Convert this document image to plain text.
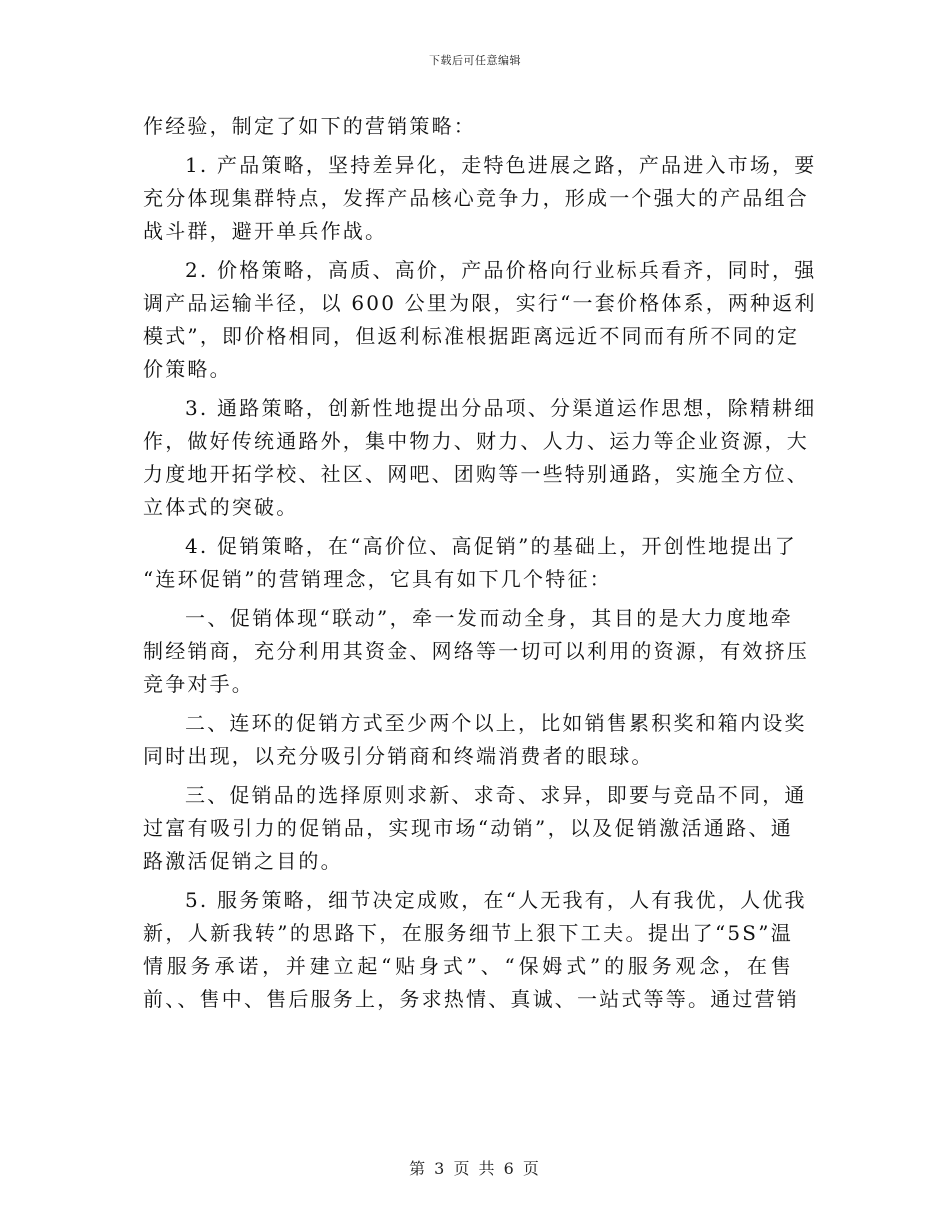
下载后可任意编辑
作经验，制定了如下的营销策略：
1. 产品策略，坚持差异化，走特色进展之路，产品进入市场，要
充分体现集群特点，发挥产品核心竞争力，形成一个强大的产品组合
战斗群，避开单兵作战。
2. 价格策略，高质、高价，产品价格向行业标兵看齐，同时，强
调产品运输半径，以 600 公里为限，实行“一套价格体系，两种返利
模式”，即价格相同，但返利标准根据距离远近不同而有所不同的定
价策略。
3. 通路策略，创新性地提出分品项、分渠道运作思想，除精耕细
作，做好传统通路外，集中物力、财力、人力、运力等企业资源，大
力度地开拓学校、社区、网吧、团购等一些特别通路，实施全方位、
立体式的突破。
4. 促销策略，在“高价位、高促销”的基础上，开创性地提出了
“连环促销”的营销理念，它具有如下几个特征：
一、促销体现“联动”，牵一发而动全身，其目的是大力度地牵
制经销商，充分利用其资金、网络等一切可以利用的资源，有效挤压
竞争对手。
二、连环的促销方式至少两个以上，比如销售累积奖和箱内设奖
同时出现，以充分吸引分销商和终端消费者的眼球。
三、促销品的选择原则求新、求奇、求异，即要与竞品不同，通
过富有吸引力的促销品，实现市场“动销”，以及促销激活通路、通
路激活促销之目的。
5. 服务策略，细节决定成败，在“人无我有，人有我优，人优我
新，人新我转”的思路下，在服务细节上狠下工夫。提出了“5S”温
情服务承诺，并建立起“贴身式”、“保姆式”的服务观念，在售
前、、售中、售后服务上，务求热情、真诚、一站式等等。通过营销
第 3 页 共 6 页
